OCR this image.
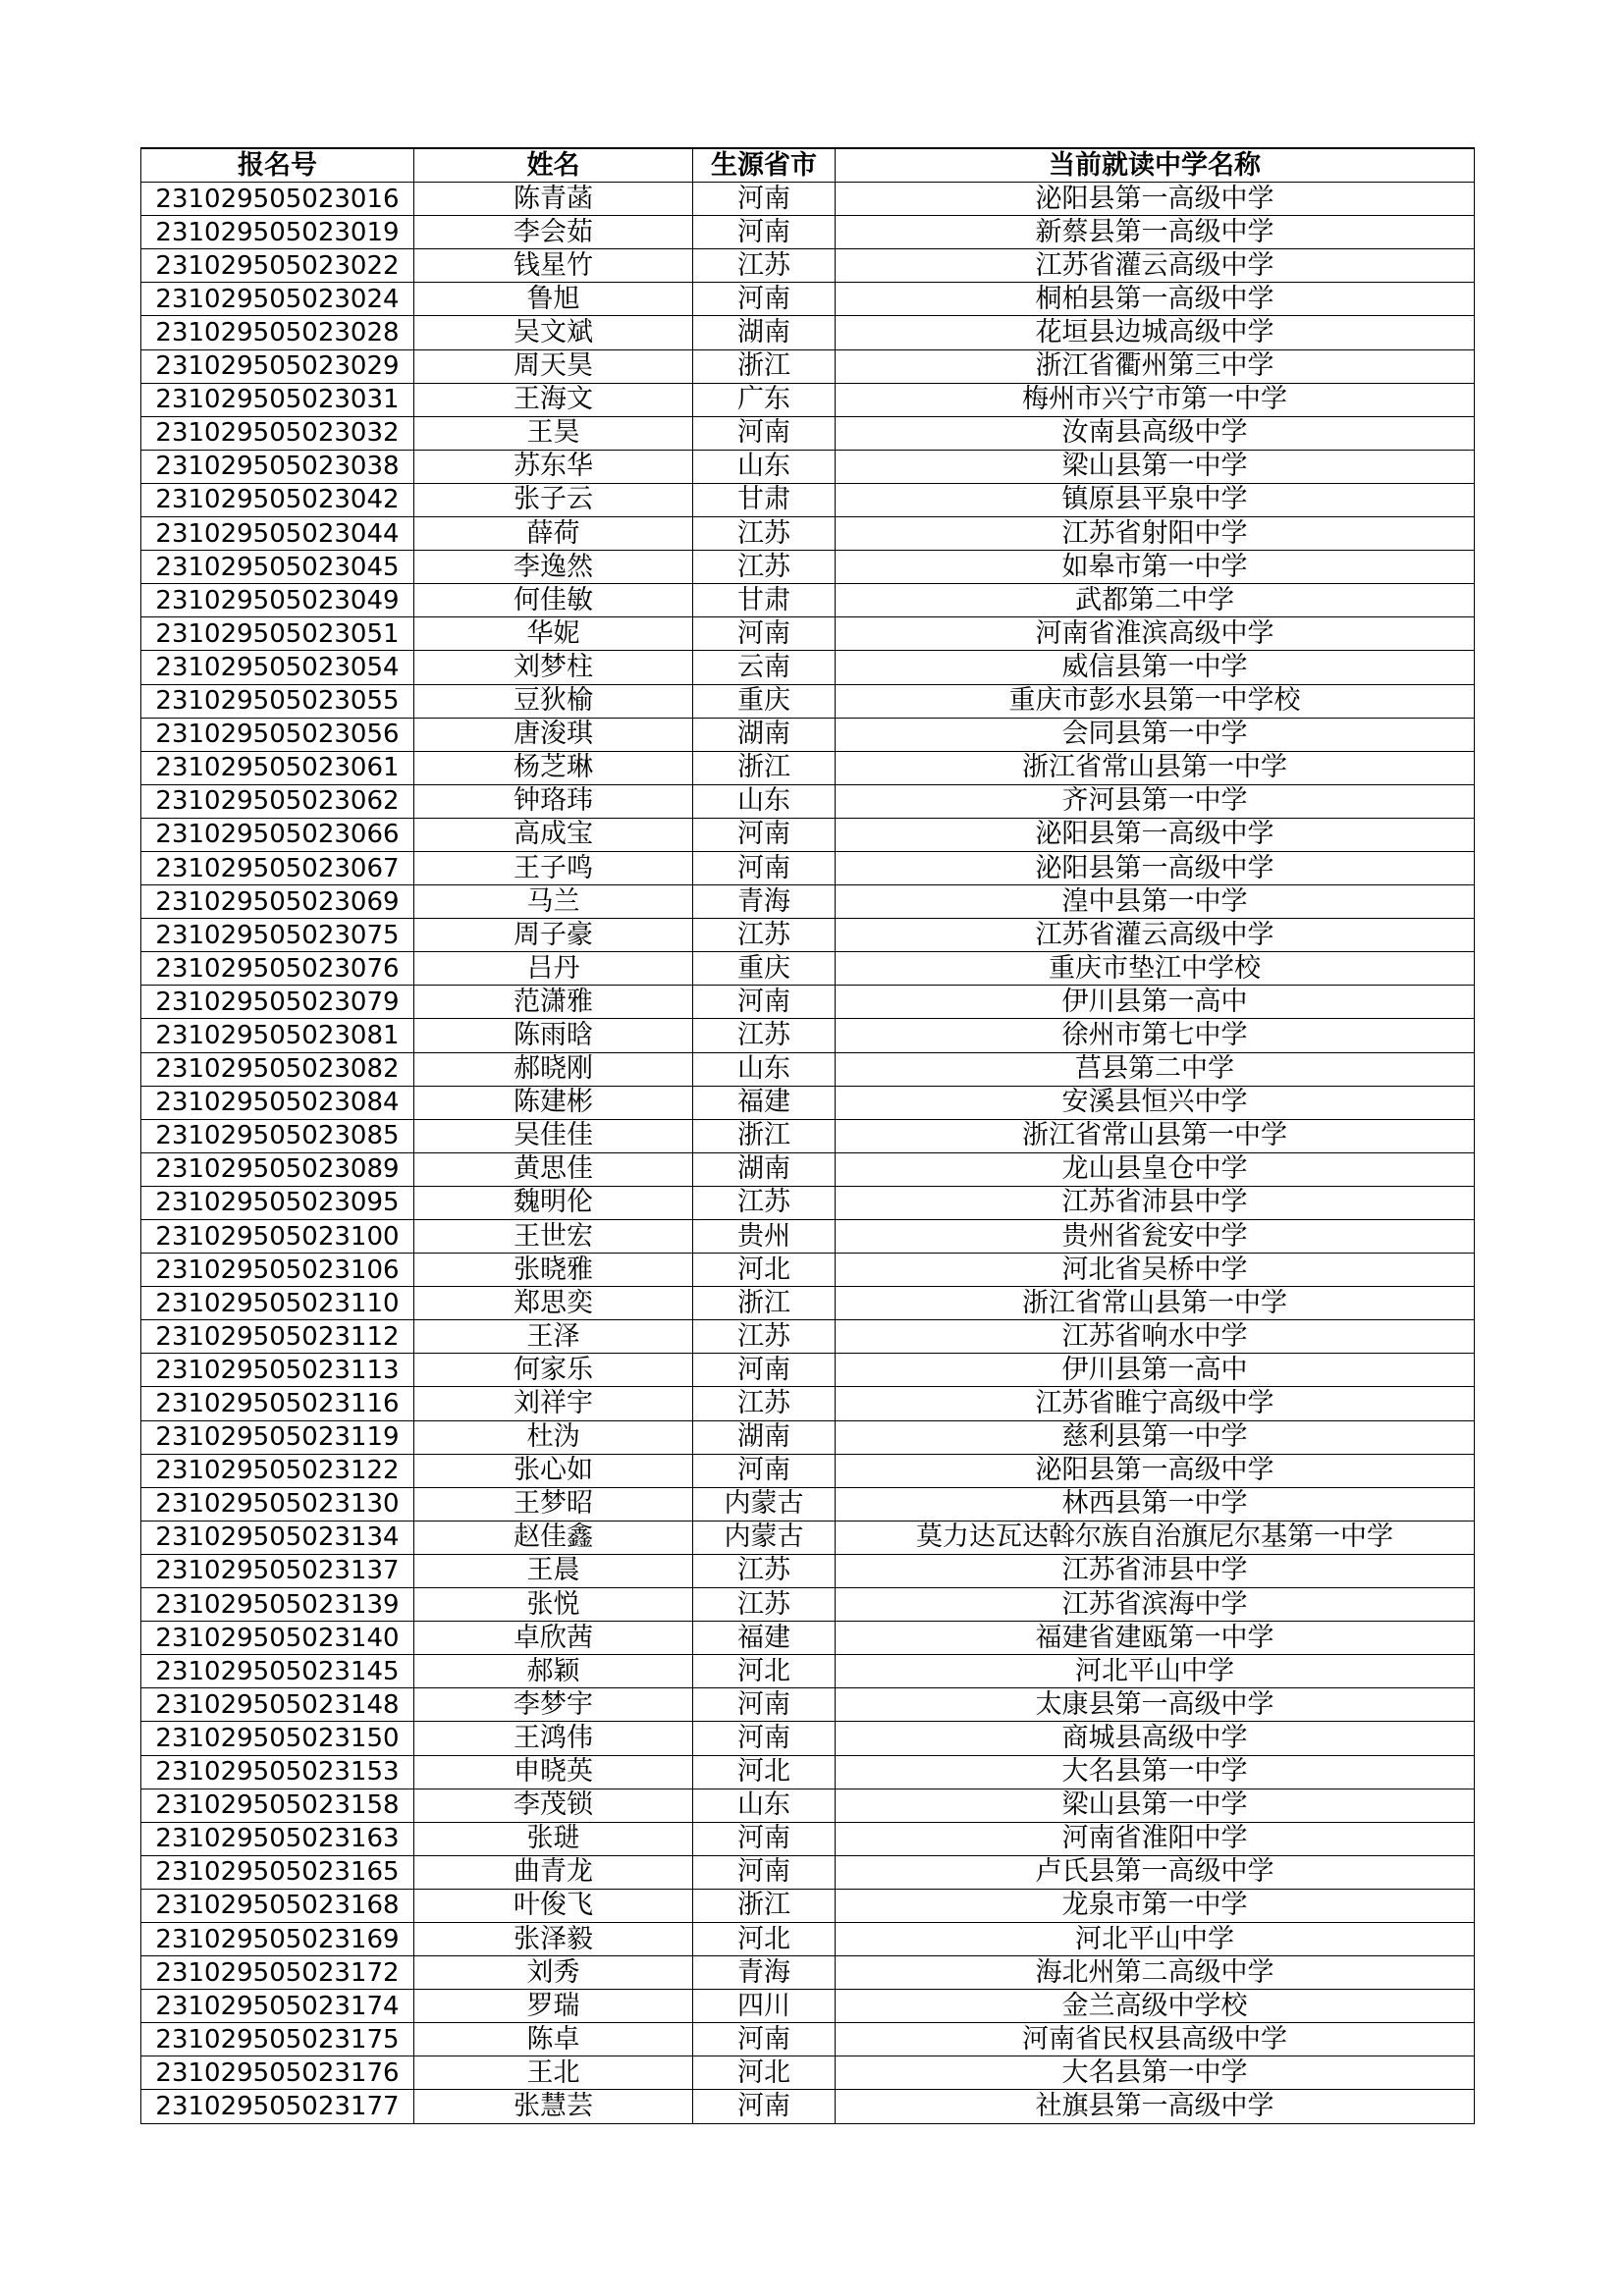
报名号	姓名	生源省市	当前就读中学名称
231029505023016	陈青菡	河南	泌阳县第一高级中学
231029505023019	李会茹	河南	新蔡县第一高级中学
231029505023022	钱星竹	江苏	江苏省灌云高级中学
231029505023024	鲁旭	河南	桐柏县第一高级中学
231029505023028	吴文斌	湖南	花垣县边城高级中学
231029505023029	周天昊	浙江	浙江省衢州第三中学
231029505023031	王海文	广东	梅州市兴宁市第一中学
231029505023032	王昊	河南	汝南县高级中学
231029505023038	苏东华	山东	梁山县第一中学
231029505023042	张子云	甘肃	镇原县平泉中学
231029505023044	薛荷	江苏	江苏省射阳中学
231029505023045	李逸然	江苏	如皋市第一中学
231029505023049	何佳敏	甘肃	武都第二中学
231029505023051	华妮	河南	河南省淮滨高级中学
231029505023054	刘梦柱	云南	威信县第一中学
231029505023055	豆狄榆	重庆	重庆市彭水县第一中学校
231029505023056	唐浚琪	湖南	会同县第一中学
231029505023061	杨芝琳	浙江	浙江省常山县第一中学
231029505023062	钟珞玮	山东	齐河县第一中学
231029505023066	高成宝	河南	泌阳县第一高级中学
231029505023067	王子鸣	河南	泌阳县第一高级中学
231029505023069	马兰	青海	湟中县第一中学
231029505023075	周子豪	江苏	江苏省灌云高级中学
231029505023076	吕丹	重庆	重庆市垫江中学校
231029505023079	范潇雅	河南	伊川县第一高中
231029505023081	陈雨晗	江苏	徐州市第七中学
231029505023082	郝晓刚	山东	莒县第二中学
231029505023084	陈建彬	福建	安溪县恒兴中学
231029505023085	吴佳佳	浙江	浙江省常山县第一中学
231029505023089	黄思佳	湖南	龙山县皇仓中学
231029505023095	魏明伦	江苏	江苏省沛县中学
231029505023100	王世宏	贵州	贵州省瓮安中学
231029505023106	张晓雅	河北	河北省吴桥中学
231029505023110	郑思奕	浙江	浙江省常山县第一中学
231029505023112	王泽	江苏	江苏省响水中学
231029505023113	何家乐	河南	伊川县第一高中
231029505023116	刘祥宇	江苏	江苏省睢宁高级中学
231029505023119	杜沩	湖南	慈利县第一中学
231029505023122	张心如	河南	泌阳县第一高级中学
231029505023130	王梦昭	内蒙古	林西县第一中学
231029505023134	赵佳鑫	内蒙古	莫力达瓦达斡尔族自治旗尼尔基第一中学
231029505023137	王晨	江苏	江苏省沛县中学
231029505023139	张悦	江苏	江苏省滨海中学
231029505023140	卓欣茜	福建	福建省建瓯第一中学
231029505023145	郝颖	河北	河北平山中学
231029505023148	李梦宇	河南	太康县第一高级中学
231029505023150	王鸿伟	河南	商城县高级中学
231029505023153	申晓英	河北	大名县第一中学
231029505023158	李茂锁	山东	梁山县第一中学
231029505023163	张琎	河南	河南省淮阳中学
231029505023165	曲青龙	河南	卢氏县第一高级中学
231029505023168	叶俊飞	浙江	龙泉市第一中学
231029505023169	张泽毅	河北	河北平山中学
231029505023172	刘秀	青海	海北州第二高级中学
231029505023174	罗瑞	四川	金兰高级中学校
231029505023175	陈卓	河南	河南省民权县高级中学
231029505023176	王北	河北	大名县第一中学
231029505023177	张慧芸	河南	社旗县第一高级中学
